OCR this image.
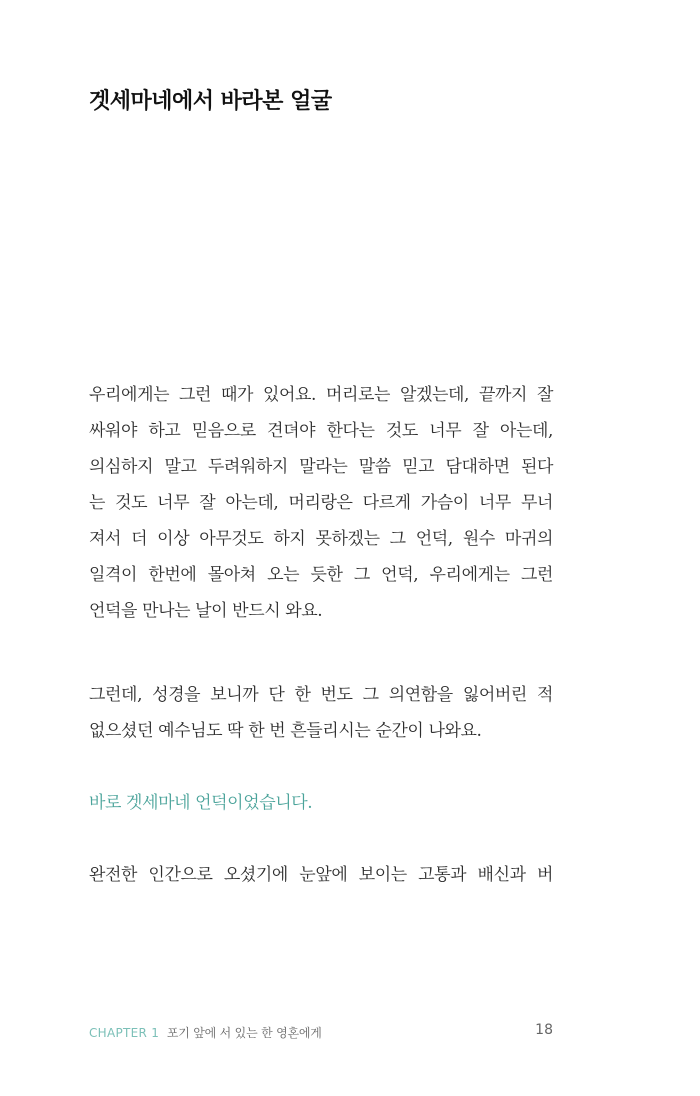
겟세마네에서 바라본 얼굴
우리에게는 그런 때가 있어요. 머리로는 알겠는데, 끝까지 잘
싸워야 하고 믿음으로 견뎌야 한다는 것도 너무 잘 아는데,
의심하지 말고 두려워하지 말라는 말씀 믿고 담대하면 된다
는 것도 너무 잘 아는데, 머리랑은 다르게 가슴이 너무 무너
져서 더 이상 아무것도 하지 못하겠는 그 언덕, 원수 마귀의
일격이 한번에 몰아쳐 오는 듯한 그 언덕, 우리에게는 그런
언덕을 만나는 날이 반드시 와요.
그런데, 성경을 보니까 단 한 번도 그 의연함을 잃어버린 적
없으셨던 예수님도 딱 한 번 흔들리시는 순간이 나와요.
바로 겟세마네 언덕이었습니다.
완전한 인간으로 오셨기에 눈앞에 보이는 고통과 배신과 버
CHAPTER 1 포기 앞에 서 있는 한 영혼에게	18
